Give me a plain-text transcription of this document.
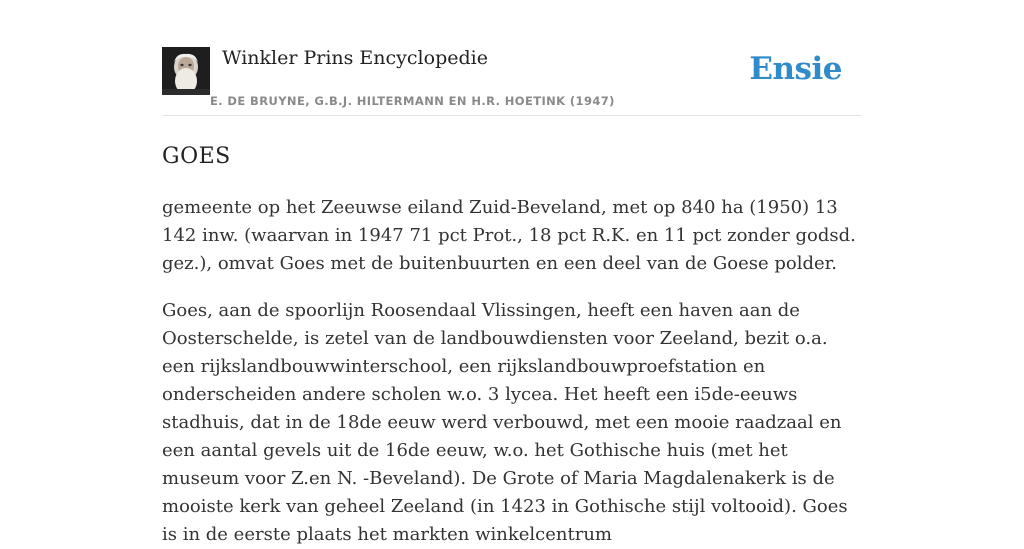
Winkler Prins Encyclopedie
E. DE BRUYNE, G.B.J. HILTERMANN EN H.R. HOETINK (1947)
Ensie
GOES

gemeente op het Zeeuwse eiland Zuid-Beveland, met op 840 ha (1950) 13 142 inw. (waarvan in 1947 71 pct Prot., 18 pct R.K. en 11 pct zonder godsd. gez.), omvat Goes met de buitenbuurten en een deel van de Goese polder.

Goes, aan de spoorlijn Roosendaal Vlissingen, heeft een haven aan de Oosterschelde, is zetel van de landbouwdiensten voor Zeeland, bezit o.a. een rijkslandbouwwinterschool, een rijkslandbouwproefstation en onderscheiden andere scholen w.o. 3 lycea. Het heeft een i5de-eeuws stadhuis, dat in de 18de eeuw werd verbouwd, met een mooie raadzaal en een aantal gevels uit de 16de eeuw, w.o. het Gothische huis (met het museum voor Z.en N. -Beveland). De Grote of Maria Magdalenakerk is de mooiste kerk van geheel Zeeland (in 1423 in Gothische stijl voltooid). Goes is in de eerste plaats het markten winkelcentrum
